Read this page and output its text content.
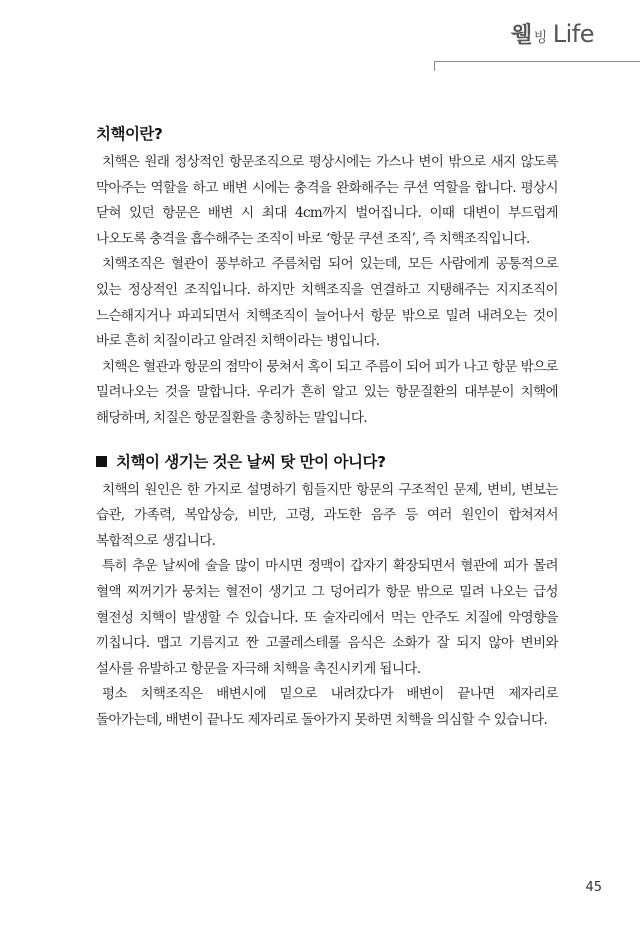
웰빙 Life
치핵이란?

치핵은 원래 정상적인 항문조직으로 평상시에는 가스나 변이 밖으로 새지 않도록 막아주는 역할을 하고 배변 시에는 충격을 완화해주는 쿠션 역할을 합니다. 평상시 닫혀 있던 항문은 배변 시 최대 4cm까지 벌어집니다. 이때 대변이 부드럽게 나오도록 충격을 흡수해주는 조직이 바로 ‘항문 쿠션 조직’, 즉 치핵조직입니다.

치핵조직은 혈관이 풍부하고 주름처럼 되어 있는데, 모든 사람에게 공통적으로 있는 정상적인 조직입니다. 하지만 치핵조직을 연결하고 지탱해주는 지지조직이 느슨해지거나 파괴되면서 치핵조직이 늘어나서 항문 밖으로 밀려 내려오는 것이 바로 흔히 치질이라고 알려진 치핵이라는 병입니다.

치핵은 혈관과 항문의 점막이 뭉쳐서 혹이 되고 주름이 되어 피가 나고 항문 밖으로 밀려나오는 것을 말합니다. 우리가 흔히 알고 있는 항문질환의 대부분이 치핵에 해당하며, 치질은 항문질환을 총칭하는 말입니다.

치핵이 생기는 것은 날씨 탓 만이 아니다?

치핵의 원인은 한 가지로 설명하기 힘들지만 항문의 구조적인 문제, 변비, 변보는 습관, 가족력, 복압상승, 비만, 고령, 과도한 음주 등 여러 원인이 합쳐져서 복합적으로 생깁니다.

특히 추운 날씨에 술을 많이 마시면 정맥이 갑자기 확장되면서 혈관에 피가 몰려 혈액 찌꺼기가 뭉치는 혈전이 생기고 그 덩어리가 항문 밖으로 밀려 나오는 급성 혈전성 치핵이 발생할 수 있습니다. 또 술자리에서 먹는 안주도 치질에 악영향을 끼칩니다. 맵고 기름지고 짠 고콜레스테롤 음식은 소화가 잘 되지 않아 변비와 설사를 유발하고 항문을 자극해 치핵을 촉진시키게 됩니다.

평소 치핵조직은 배변시에 밑으로 내려갔다가 배변이 끝나면 제자리로 돌아가는데, 배변이 끝나도 제자리로 돌아가지 못하면 치핵을 의심할 수 있습니다.

45
